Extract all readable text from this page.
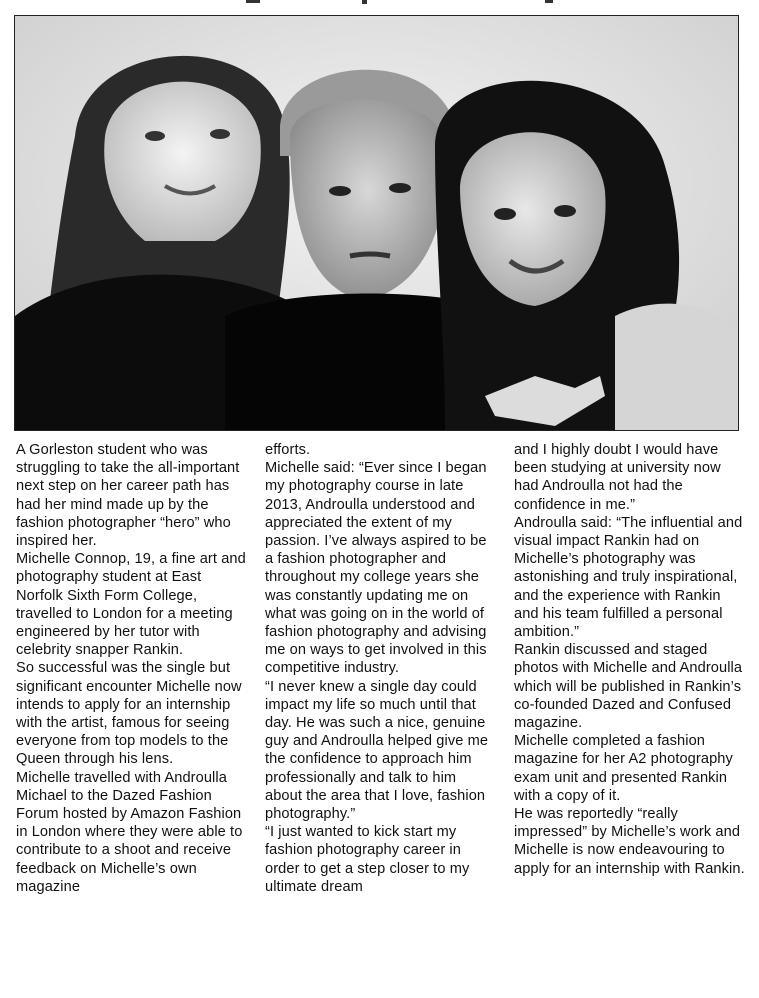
A Gorleston student who was struggling to take the all-important next step on her career path has had her mind made up by the fashion photographer “hero” who inspired her.

Michelle Connop, 19, a fine art and photography student at East Norfolk Sixth Form College, travelled to London for a meeting engineered by her tutor with celebrity snapper Rankin.

So successful was the single but significant encounter Michelle now intends to apply for an internship with the artist, famous for seeing everyone from top models to the Queen through his lens.

Michelle travelled with Androulla Michael to the Dazed Fashion Forum hosted by Amazon Fashion in London where they were able to contribute to a shoot and receive feedback on Michelle’s own magazine

efforts.

Michelle said: “Ever since I began my photography course in late 2013, Androulla understood and appreciated the extent of my passion. I’ve always aspired to be a fashion photographer and throughout my college years she was constantly updating me on what was going on in the world of fashion photography and advising me on ways to get involved in this competitive industry.

“I never knew a single day could impact my life so much until that day. He was such a nice, genuine guy and Androulla helped give me the confidence to approach him professionally and talk to him about the area that I love, fashion photography.”

“I just wanted to kick start my fashion photography career in order to get a step closer to my ultimate dream

and I highly doubt I would have been studying at university now had Androulla not had the confidence in me.”

Androulla said: “The influential and visual impact Rankin had on Michelle’s photography was astonishing and truly inspirational, and the experience with Rankin and his team fulfilled a personal ambition.”

Rankin discussed and staged photos with Michelle and Androulla which will be published in Rankin’s co-founded Dazed and Confused magazine.

Michelle completed a fashion magazine for her A2 photography exam unit and presented Rankin with a copy of it.

He was reportedly “really impressed” by Michelle’s work and Michelle is now endeavouring to apply for an internship with Rankin.
